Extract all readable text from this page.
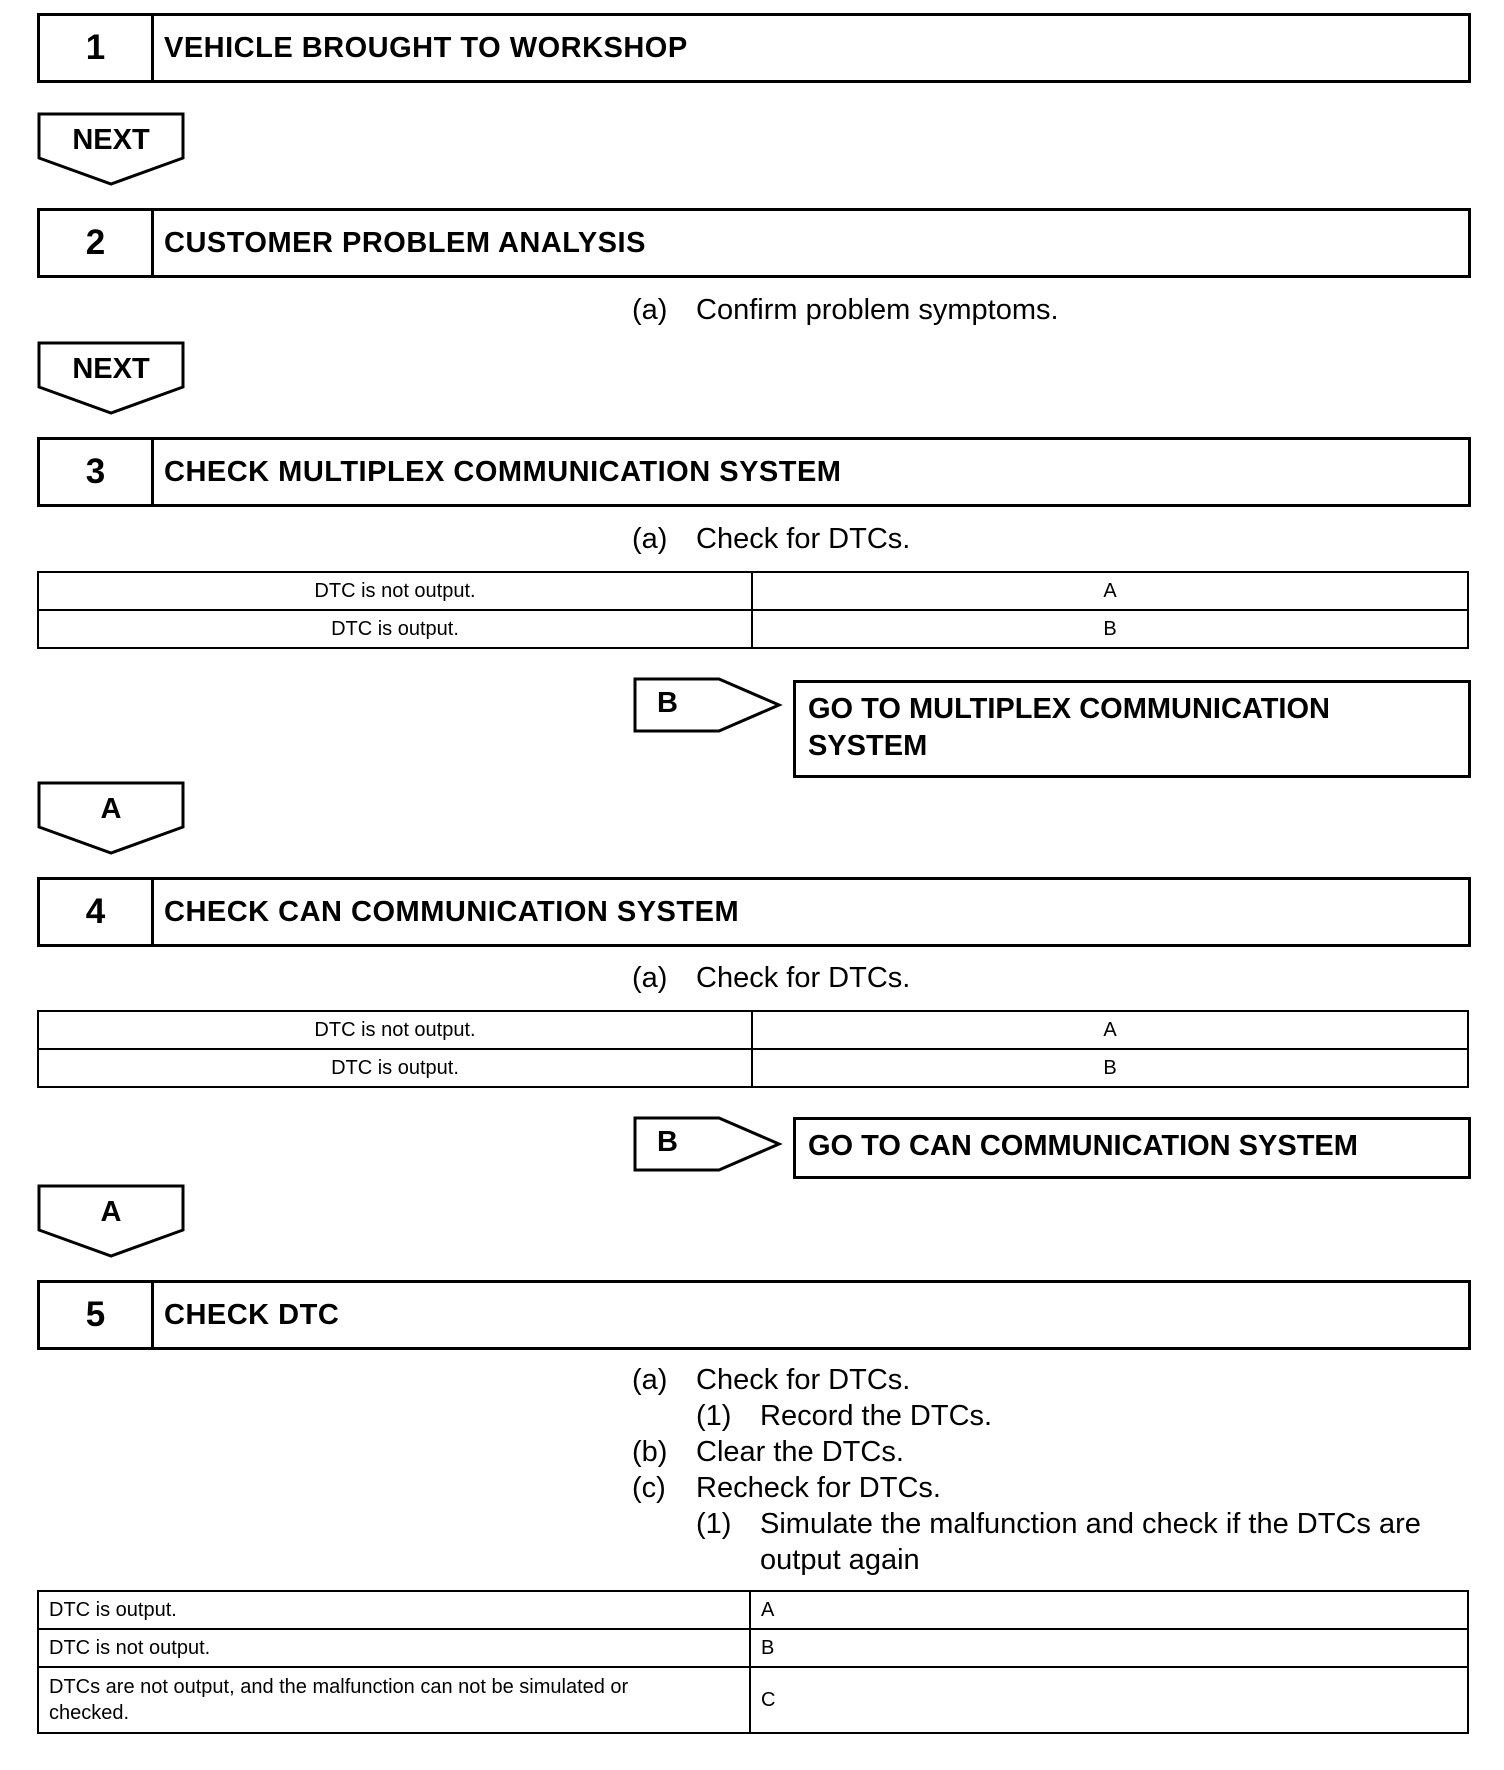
1	VEHICLE BROUGHT TO WORKSHOP
NEXT
2	CUSTOMER PROBLEM ANALYSIS
(a) Confirm problem symptoms.
NEXT
3	CHECK MULTIPLEX COMMUNICATION SYSTEM
(a) Check for DTCs.
DTC is not output.	A
DTC is output.	B
B	GO TO MULTIPLEX COMMUNICATION
SYSTEM
A
4	CHECK CAN COMMUNICATION SYSTEM
(a) Check for DTCs.
DTC is not output.	A
DTC is output.	B
B	GO TO CAN COMMUNICATION SYSTEM
A
5	CHECK DTC
(a) Check for DTCs.
(1) Record the DTCs.
(b) Clear the DTCs.
(c) Recheck for DTCs.
(1) Simulate the malfunction and check if the DTCs are
output again
DTC is output.	A
DTC is not output.	B

DTCs are not output, and the malfunction can not be simulated or
checked.	C
